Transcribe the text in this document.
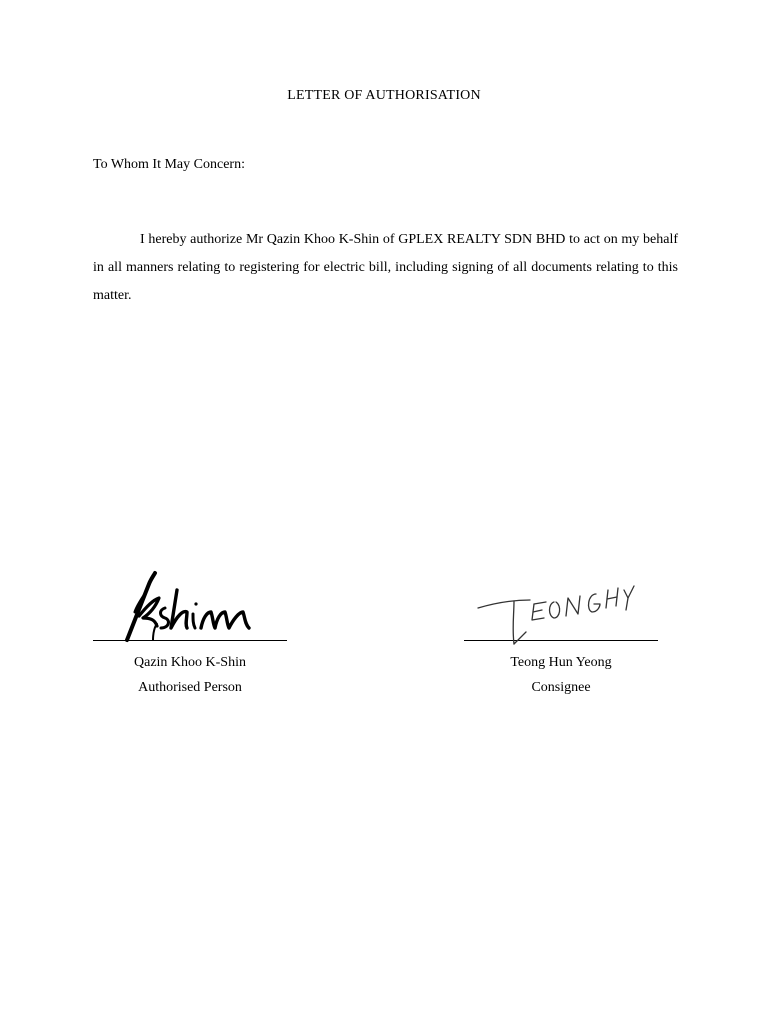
LETTER OF AUTHORISATION
To Whom It May Concern:

I hereby authorize Mr Qazin Khoo K-Shin of GPLEX REALTY SDN BHD to act on my behalf in all manners relating to registering for electric bill, including signing of all documents relating to this matter.

Qazin Khoo K-Shin
Authorised Person
Teong Hun Yeong
Consignee
